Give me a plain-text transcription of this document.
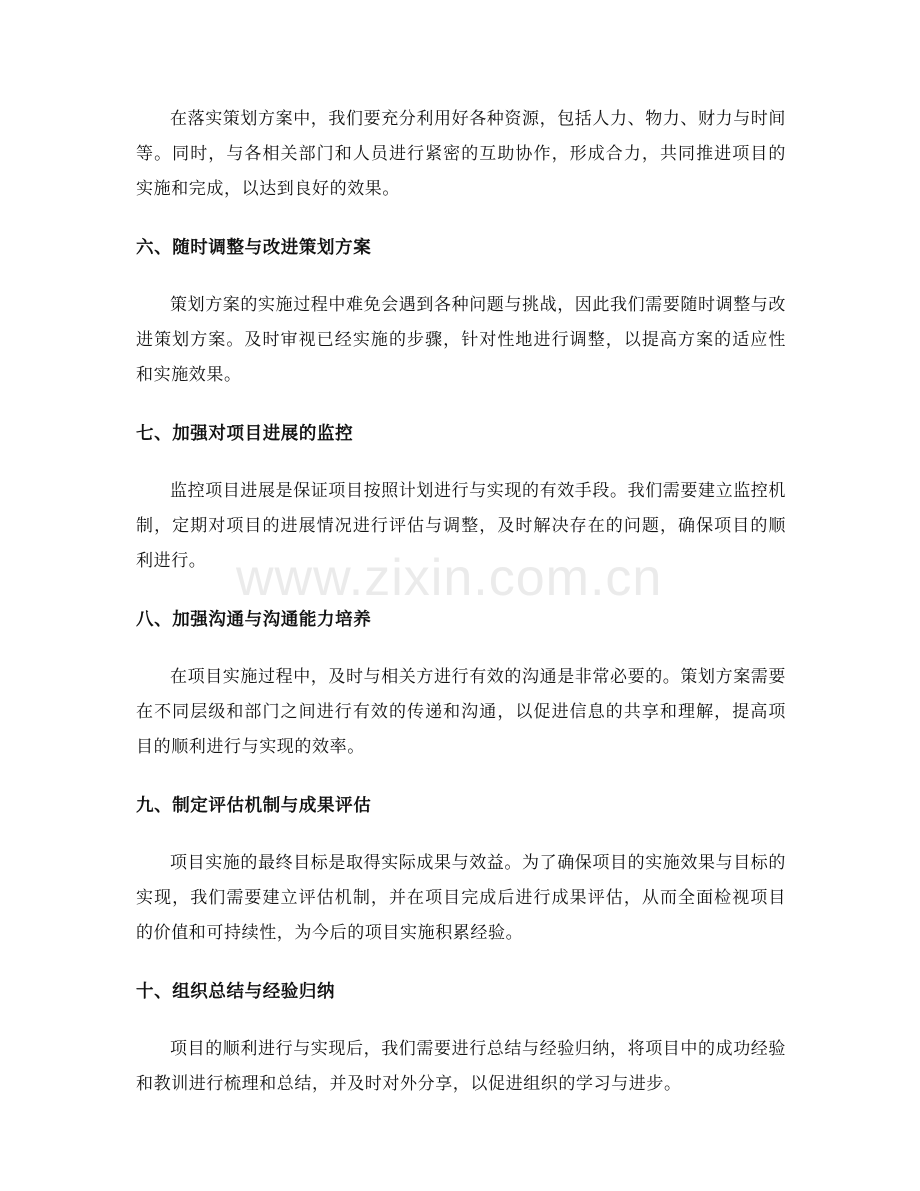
www.zixin.com.cn

在落实策划方案中，我们要充分利用好各种资源，包括人力、物力、财力与时间等。同时，与各相关部门和人员进行紧密的互助协作，形成合力，共同推进项目的实施和完成，以达到良好的效果。

六、随时调整与改进策划方案

策划方案的实施过程中难免会遇到各种问题与挑战，因此我们需要随时调整与改进策划方案。及时审视已经实施的步骤，针对性地进行调整，以提高方案的适应性和实施效果。

七、加强对项目进展的监控

监控项目进展是保证项目按照计划进行与实现的有效手段。我们需要建立监控机制，定期对项目的进展情况进行评估与调整，及时解决存在的问题，确保项目的顺利进行。

八、加强沟通与沟通能力培养

在项目实施过程中，及时与相关方进行有效的沟通是非常必要的。策划方案需要在不同层级和部门之间进行有效的传递和沟通，以促进信息的共享和理解，提高项目的顺利进行与实现的效率。

九、制定评估机制与成果评估

项目实施的最终目标是取得实际成果与效益。为了确保项目的实施效果与目标的实现，我们需要建立评估机制，并在项目完成后进行成果评估，从而全面检视项目的价值和可持续性，为今后的项目实施积累经验。

十、组织总结与经验归纳

项目的顺利进行与实现后，我们需要进行总结与经验归纳，将项目中的成功经验和教训进行梳理和总结，并及时对外分享，以促进组织的学习与进步。
